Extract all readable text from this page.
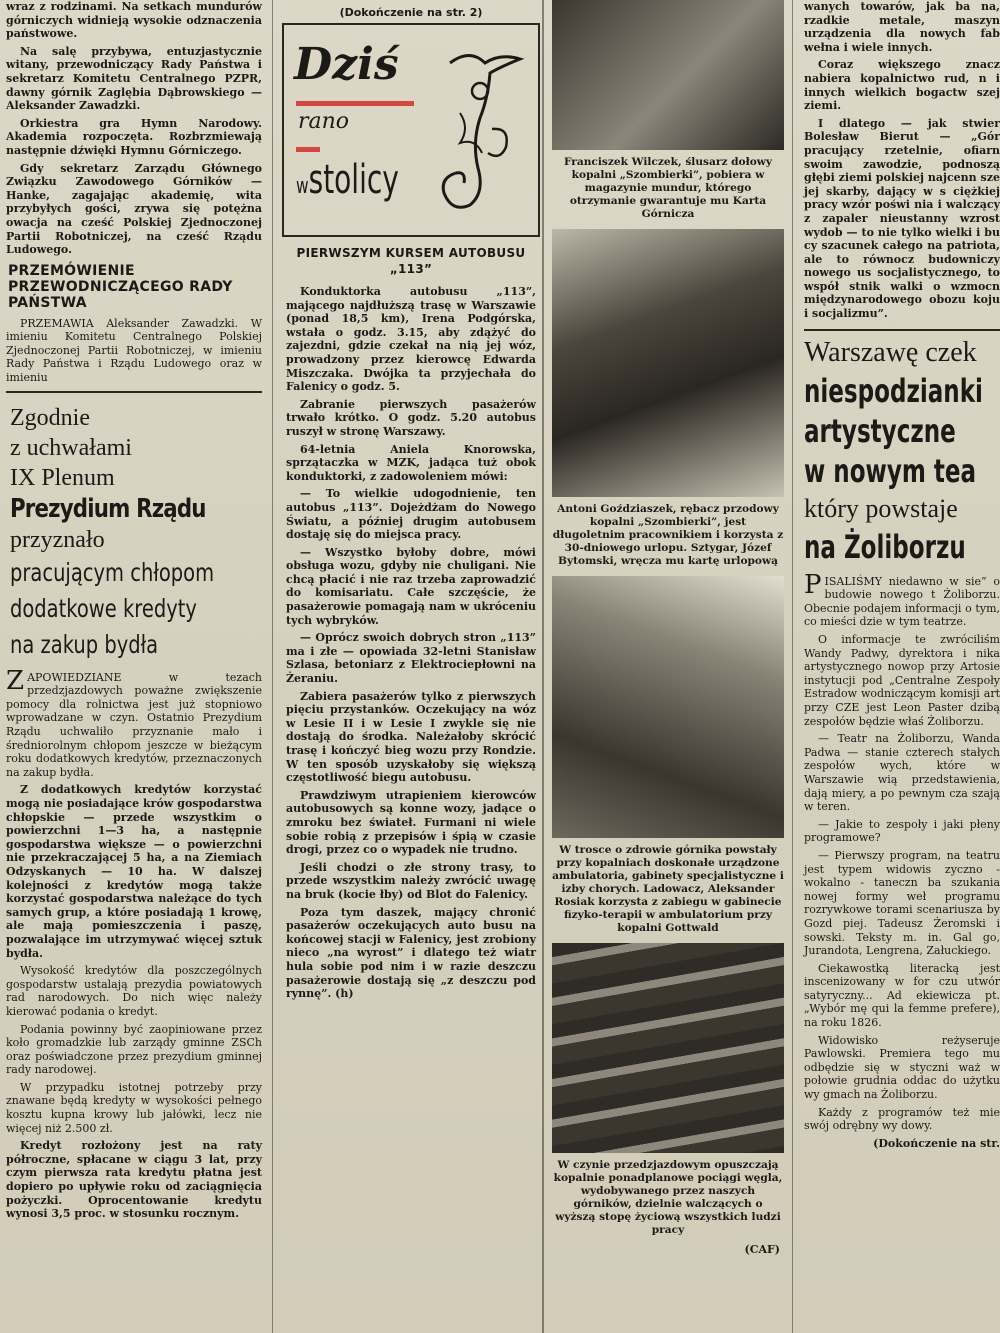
wraz z rodzinami. Na setkach mundurów górniczych widnieją wysokie odznaczenia państwowe.

Na salę przybywa, entuzjastycznie witany, przewodniczący Rady Państwa i sekretarz Komitetu Centralnego PZPR, dawny górnik Zaglębia Dąbrowskiego — Aleksander Zawadzki.

Orkiestra gra Hymn Narodowy. Akademia rozpoczęta. Rozbrzmiewają następnie dźwięki Hymnu Górniczego.

Gdy sekretarz Zarządu Głównego Związku Zawodowego Górników — Hanke, zagajając akademię, wita przybyłych gości, zrywa się potężna owacja na cześć Polskiej Zjednoczonej Partii Robotniczej, na cześć Rządu Ludowego.

PRZEMÓWIENIE PRZEWODNICZĄCEGO RADY PAŃSTWA

PRZEMAWIA Aleksander Zawadzki. W imieniu Komitetu Centralnego Polskiej Zjednoczonej Partii Robotniczej, w imieniu Rady Państwa i Rządu Ludowego oraz w imieniu

Zgodnie
z uchwałami
IX Plenum
Prezydium Rządu
przyznało
pracującym chłopom
dodatkowe kredyty
na zakup bydła

ZAPOWIEDZIANE w tezach przedzjazdowych poważne zwiększenie pomocy dla rolnictwa jest już stopniowo wprowadzane w czyn. Ostatnio Prezydium Rządu uchwaliło przyznanie mało i średniorolnym chłopom jeszcze w bieżącym roku dodatkowych kredytów, przeznaczonych na zakup bydła.

Z dodatkowych kredytów korzystać mogą nie posiadające krów gospodarstwa chłopskie — przede wszystkim o powierzchni 1—3 ha, a następnie gospodarstwa większe — o powierzchni nie przekraczającej 5 ha, a na Ziemiach Odzyskanych — 10 ha. W dalszej kolejności z kredytów mogą także korzystać gospodarstwa należące do tych samych grup, a które posiadają 1 krowę, ale mają pomieszczenia i paszę, pozwalające im utrzymywać więcej sztuk bydła.

Wysokość kredytów dla poszczególnych gospodarstw ustalają prezydia powiatowych rad narodowych. Do nich więc należy kierować podania o kredyt.

Podania powinny być zaopiniowane przez koło gromadzkie lub zarządy gminne ZSCh oraz poświadczone przez prezydium gminnej rady narodowej.

W przypadku istotnej potrzeby przy znawane będą kredyty w wysokości pełnego kosztu kupna krowy lub jałówki, lecz nie więcej niż 2.500 zł.

Kredyt rozłożony jest na raty półroczne, spłacane w ciągu 3 lat, przy czym pierwsza rata kredytu płatna jest dopiero po upływie roku od zaciągnięcia pożyczki. Oprocentowanie kredytu wynosi 3,5 proc. w stosunku rocznym.

(Dokończenie na str. 2)
Dziś
rano
wstolicy
PIERWSZYM KURSEM AUTOBUSU „113”

Konduktorka autobusu „113”, mającego najdłuższą trasę w Warszawie (ponad 18,5 km), Irena Podgórska, wstała o godz. 3.15, aby zdążyć do zajezdni, gdzie czekał na nią jej wóz, prowadzony przez kierowcę Edwarda Miszczaka. Dwójka ta przyjechała do Falenicy o godz. 5.

Zabranie pierwszych pasażerów trwało krótko. O godz. 5.20 autobus ruszył w stronę Warszawy.

64-letnia Aniela Knorowska, sprzątaczka w MZK, jadąca tuż obok konduktorki, z zadowoleniem mówi:

— To wielkie udogodnienie, ten autobus „113”. Dojeżdżam do Nowego Światu, a później drugim autobusem dostaję się do miejsca pracy.

— Wszystko byłoby dobre, mówi obsługa wozu, gdyby nie chuligani. Nie chcą płacić i nie raz trzeba zaprowadzić do komisariatu. Całe szczęście, że pasażerowie pomagają nam w ukróceniu tych wybryków.

— Oprócz swoich dobrych stron „113” ma i złe — opowiada 32-letni Stanisław Szlasa, betoniarz z Elektrociepłowni na Żeraniu.

Zabiera pasażerów tylko z pierwszych pięciu przystanków. Oczekujący na wóz w Lesie II i w Lesie I zwykle się nie dostają do środka. Należałoby skrócić trasę i kończyć bieg wozu przy Rondzie. W ten sposób uzyskałoby się większą częstotliwość biegu autobusu.

Prawdziwym utrapieniem kierowców autobusowych są konne wozy, jadące o zmroku bez świateł. Furmani ni wiele sobie robią z przepisów i śpią w czasie drogi, przez co o wypadek nie trudno.

Jeśli chodzi o złe strony trasy, to przede wszystkim należy zwrócić uwagę na bruk (kocie łby) od Blot do Falenicy.

Poza tym daszek, mający chronić pasażerów oczekujących auto busu na końcowej stacji w Falenicy, jest zrobiony nieco „na wyrost” i dlatego też wiatr hula sobie pod nim i w razie deszczu pasażerowie dostają się „z deszczu pod rynnę”. (h)

Franciszek Wilczek, ślusarz dołowy kopalni „Szombierki”, pobiera w magazynie mundur, którego otrzymanie gwarantuje mu Karta Górnicza
Antoni Goździaszek, rębacz przodowy kopalni „Szombierki”, jest długoletnim pracownikiem i korzysta z 30-dniowego urlopu. Sztygar, Józef Bytomski, wręcza mu kartę urlopową
W trosce o zdrowie górnika powstały przy kopalniach doskonałe urządzone ambulatoria, gabinety specjalistyczne i izby chorych. Ladowacz, Aleksander Rosiak korzysta z zabiegu w gabinecie fizyko-terapii w ambulatorium przy kopalni Gottwald
W czynie przedzjazdowym opuszczają kopalnie ponadplanowe pociągi węgla, wydobywanego przez naszych górników, dzielnie walczących o wyższą stopę życiową wszystkich ludzi pracy
(CAF)

wanych towarów, jak ba na, rzadkie metale, maszyn urządzenia dla nowych fab wełna i wiele innych.

Coraz większego znacz nabiera kopalnictwo rud, n i innych wielkich bogactw szej ziemi.

I dlatego — jak stwier Bolesław Bierut — „Gór pracujący rzetelnie, ofiarn swoim zawodzie, podnoszą głębi ziemi polskiej najcenn sze jej skarby, dający w s ciężkiej pracy wzór poświ nia i walczący z zapaler nieustanny wzrost wydob — to nie tylko wielki i bu cy szacunek całego na patriota, ale to równocz budowniczy nowego us socjalistycznego, to współ stnik walki o wzmocn międzynarodowego obozu koju i socjalizmu”.

Warszawę czek
niespodzianki
artystyczne
w nowym tea
który powstaje
na Żoliborzu

PISALIŚMY niedawno w sie” o budowie nowego t Żoliborzu. Obecnie podajem informacji o tym, co mieści dzie w tym teatrze.

O informacje te zwróciliśm Wandy Padwy, dyrektora i nika artystycznego nowop przy Artosie instytucji pod „Centralne Zespoły Estradow wodniczącym komisji art przy CZE jest Leon Paster dzibą zespołów będzie właś Żoliborzu.

— Teatr na Żoliborzu, Wanda Padwa — stanie czterech stałych zespołów wych, które w Warszawie wią przedstawienia, dają miery, a po pewnym cza szają w teren.

— Jakie to zespoły i jaki płeny programowe?

— Pierwszy program, na teatru jest typem widowis zyczno - wokalno - taneczn ba szukania nowej formy weł programu rozrywkowe torami scenariusza by Gozd piej. Tadeusz Żeromski i sowski. Teksty m. in. Gal go, Jurandota, Lengrena, Załuckiego.

Ciekawostką literacką jest inscenizowany w for czu utwór satyryczny... Ad ekiewicza pt. „Wybór mę qui la femme prefere), na roku 1826.

Widowisko reżyseruje Pawlowski. Premiera tego mu odbędzie się w styczni waż w połowie grudnia oddac do użytku wy gmach na Żoliborzu.

Każdy z programów też mie swój odrębny wy dowy.

(Dokończenie na str.
